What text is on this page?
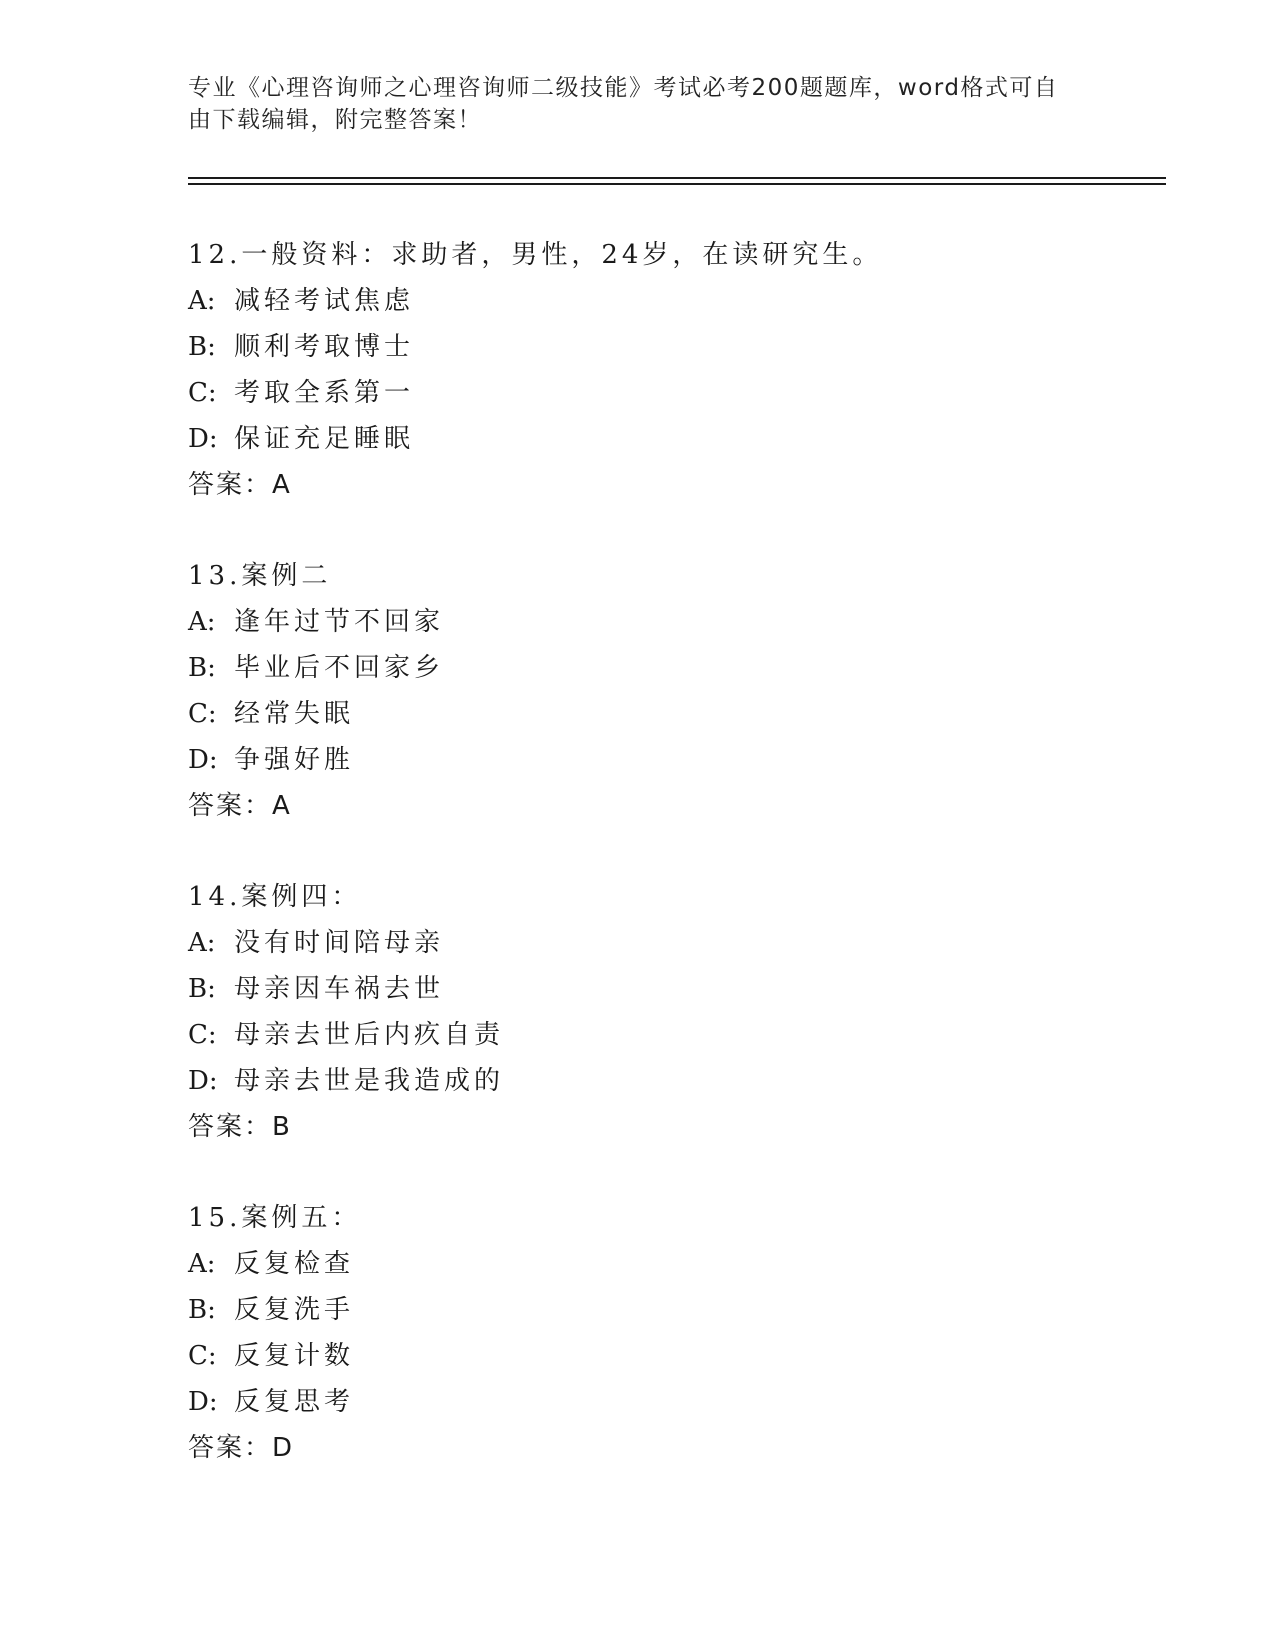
专业《心理咨询师之心理咨询师二级技能》考试必考200题题库，word格式可自由下载编辑，附完整答案！
12.一般资料：求助者，男性，24岁，在读研究生。
A: 减轻考试焦虑
B: 顺利考取博士
C: 考取全系第一
D: 保证充足睡眠
答案：A
13.案例二
A: 逢年过节不回家
B: 毕业后不回家乡
C: 经常失眠
D: 争强好胜
答案：A
14.案例四：
A: 没有时间陪母亲
B: 母亲因车祸去世
C: 母亲去世后内疚自责
D: 母亲去世是我造成的
答案：B
15.案例五：
A: 反复检查
B: 反复洗手
C: 反复计数
D: 反复思考
答案：D
